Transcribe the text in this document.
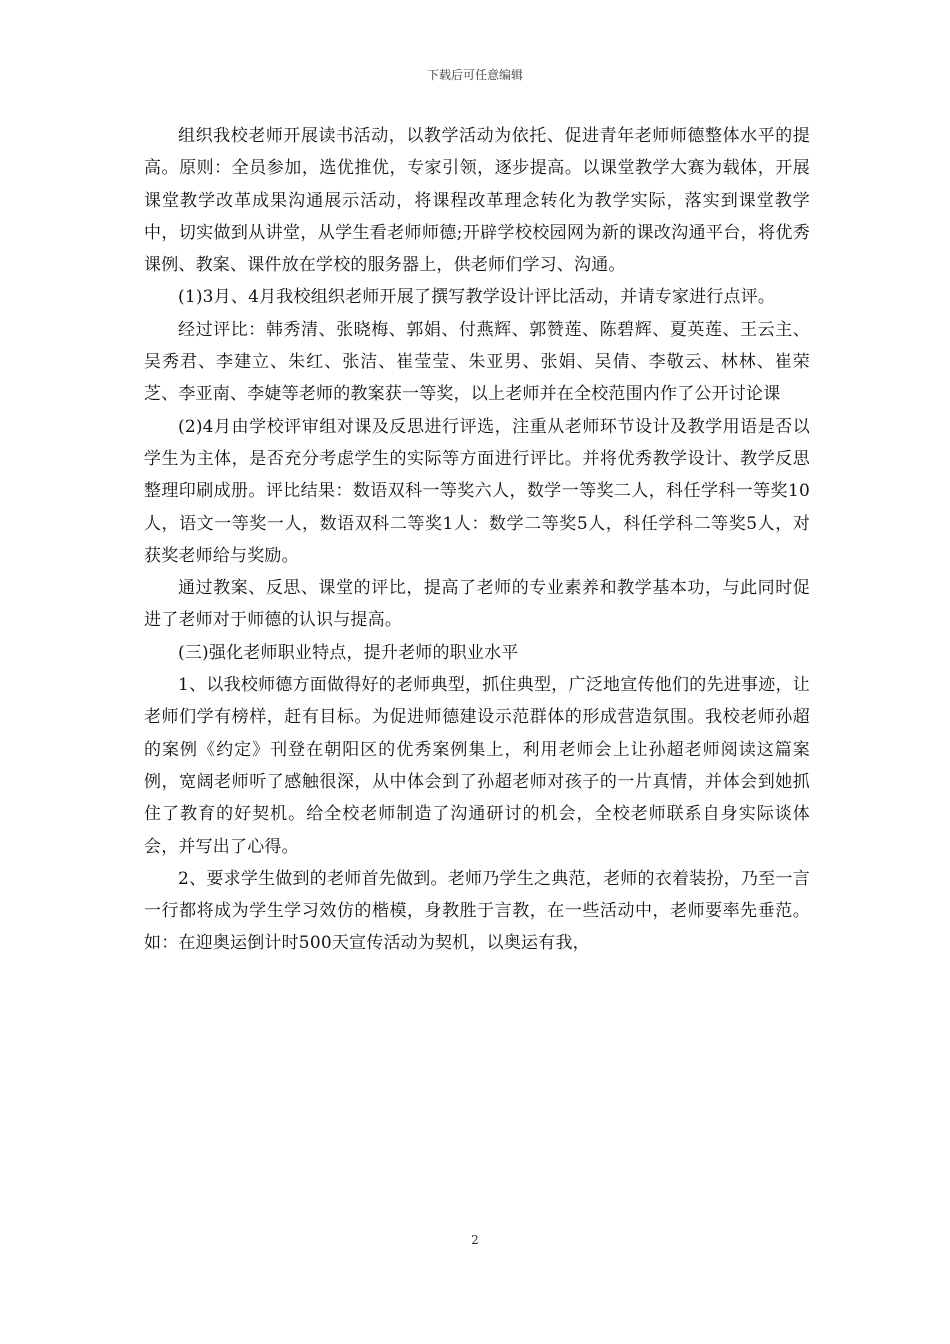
下载后可任意编辑

组织我校老师开展读书活动，以教学活动为依托、促进青年老师师德整体水平的提高。原则：全员参加，选优推优，专家引领，逐步提高。以课堂教学大赛为载体，开展课堂教学改革成果沟通展示活动，将课程改革理念转化为教学实际，落实到课堂教学中，切实做到从讲堂，从学生看老师师德;开辟学校校园网为新的课改沟通平台，将优秀课例、教案、课件放在学校的服务器上，供老师们学习、沟通。

(1)3月、4月我校组织老师开展了撰写教学设计评比活动，并请专家进行点评。

经过评比：韩秀清、张晓梅、郭娟、付燕辉、郭赞莲、陈碧辉、夏英莲、王云主、吴秀君、李建立、朱红、张洁、崔莹莹、朱亚男、张娟、吴倩、李敬云、林林、崔荣芝、李亚南、李婕等老师的教案获一等奖，以上老师并在全校范围内作了公开讨论课

(2)4月由学校评审组对课及反思进行评选，注重从老师环节设计及教学用语是否以学生为主体，是否充分考虑学生的实际等方面进行评比。并将优秀教学设计、教学反思整理印刷成册。评比结果：数语双科一等奖六人，数学一等奖二人，科任学科一等奖10人，语文一等奖一人，数语双科二等奖1人：数学二等奖5人，科任学科二等奖5人，对获奖老师给与奖励。

通过教案、反思、课堂的评比，提高了老师的专业素养和教学基本功，与此同时促进了老师对于师德的认识与提高。

(三)强化老师职业特点，提升老师的职业水平

1、以我校师德方面做得好的老师典型，抓住典型，广泛地宣传他们的先进事迹，让老师们学有榜样，赶有目标。为促进师德建设示范群体的形成营造氛围。我校老师孙超的案例《约定》刊登在朝阳区的优秀案例集上，利用老师会上让孙超老师阅读这篇案例，宽阔老师听了感触很深，从中体会到了孙超老师对孩子的一片真情，并体会到她抓住了教育的好契机。给全校老师制造了沟通研讨的机会，全校老师联系自身实际谈体会，并写出了心得。

2、要求学生做到的老师首先做到。老师乃学生之典范，老师的衣着装扮，乃至一言一行都将成为学生学习效仿的楷模，身教胜于言教，在一些活动中，老师要率先垂范。如：在迎奥运倒计时500天宣传活动为契机，以奥运有我，

2
